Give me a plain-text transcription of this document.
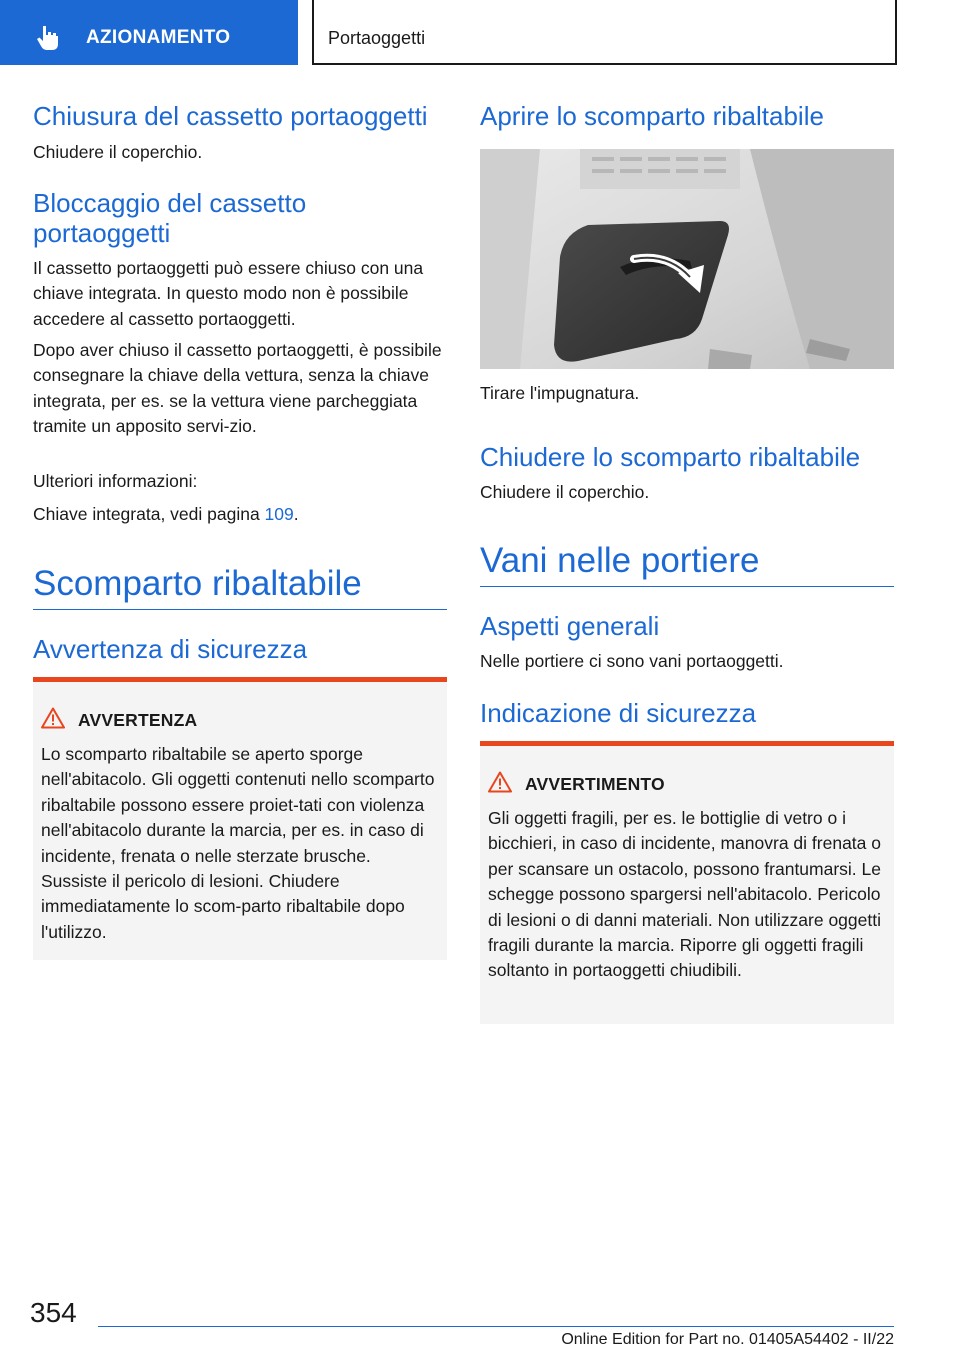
AZIONAMENTO	Portaoggetti
Chiusura del cassetto portaoggetti

Chiudere il coperchio.

Bloccaggio del cassetto portaoggetti

Il cassetto portaoggetti può essere chiuso con una chiave integrata. In questo modo non è possibile accedere al cassetto portaoggetti.

Dopo aver chiuso il cassetto portaoggetti, è possibile consegnare la chiave della vettura, senza la chiave integrata, per es. se la vettura viene parcheggiata tramite un apposito servi‐zio.

Ulteriori informazioni:

Chiave integrata, vedi pagina 109.

Scomparto ribaltabile
Avvertenza di sicurezza
AVVERTENZA

Lo scomparto ribaltabile se aperto sporge nell'abitacolo. Gli oggetti contenuti nello scomparto ribaltabile possono essere proiet‐tati con violenza nell'abitacolo durante la marcia, per es. in caso di incidente, frenata o nelle sterzate brusche. Sussiste il pericolo di lesioni. Chiudere immediatamente lo scom‐parto ribaltabile dopo l'utilizzo.

Aprire lo scomparto ribaltabile

Tirare l'impugnatura.

Chiudere lo scomparto ribaltabile

Chiudere il coperchio.

Vani nelle portiere
Aspetti generali

Nelle portiere ci sono vani portaoggetti.

Indicazione di sicurezza
AVVERTIMENTO

Gli oggetti fragili, per es. le bottiglie di vetro o i bicchieri, in caso di incidente, manovra di frenata o per scansare un ostacolo, possono frantumarsi. Le schegge possono spargersi nell'abitacolo. Pericolo di lesioni o di danni materiali. Non utilizzare oggetti fragili durante la marcia. Riporre gli oggetti fragili soltanto in portaoggetti chiudibili.

354
Online Edition for Part no. 01405A54402 - II/22
